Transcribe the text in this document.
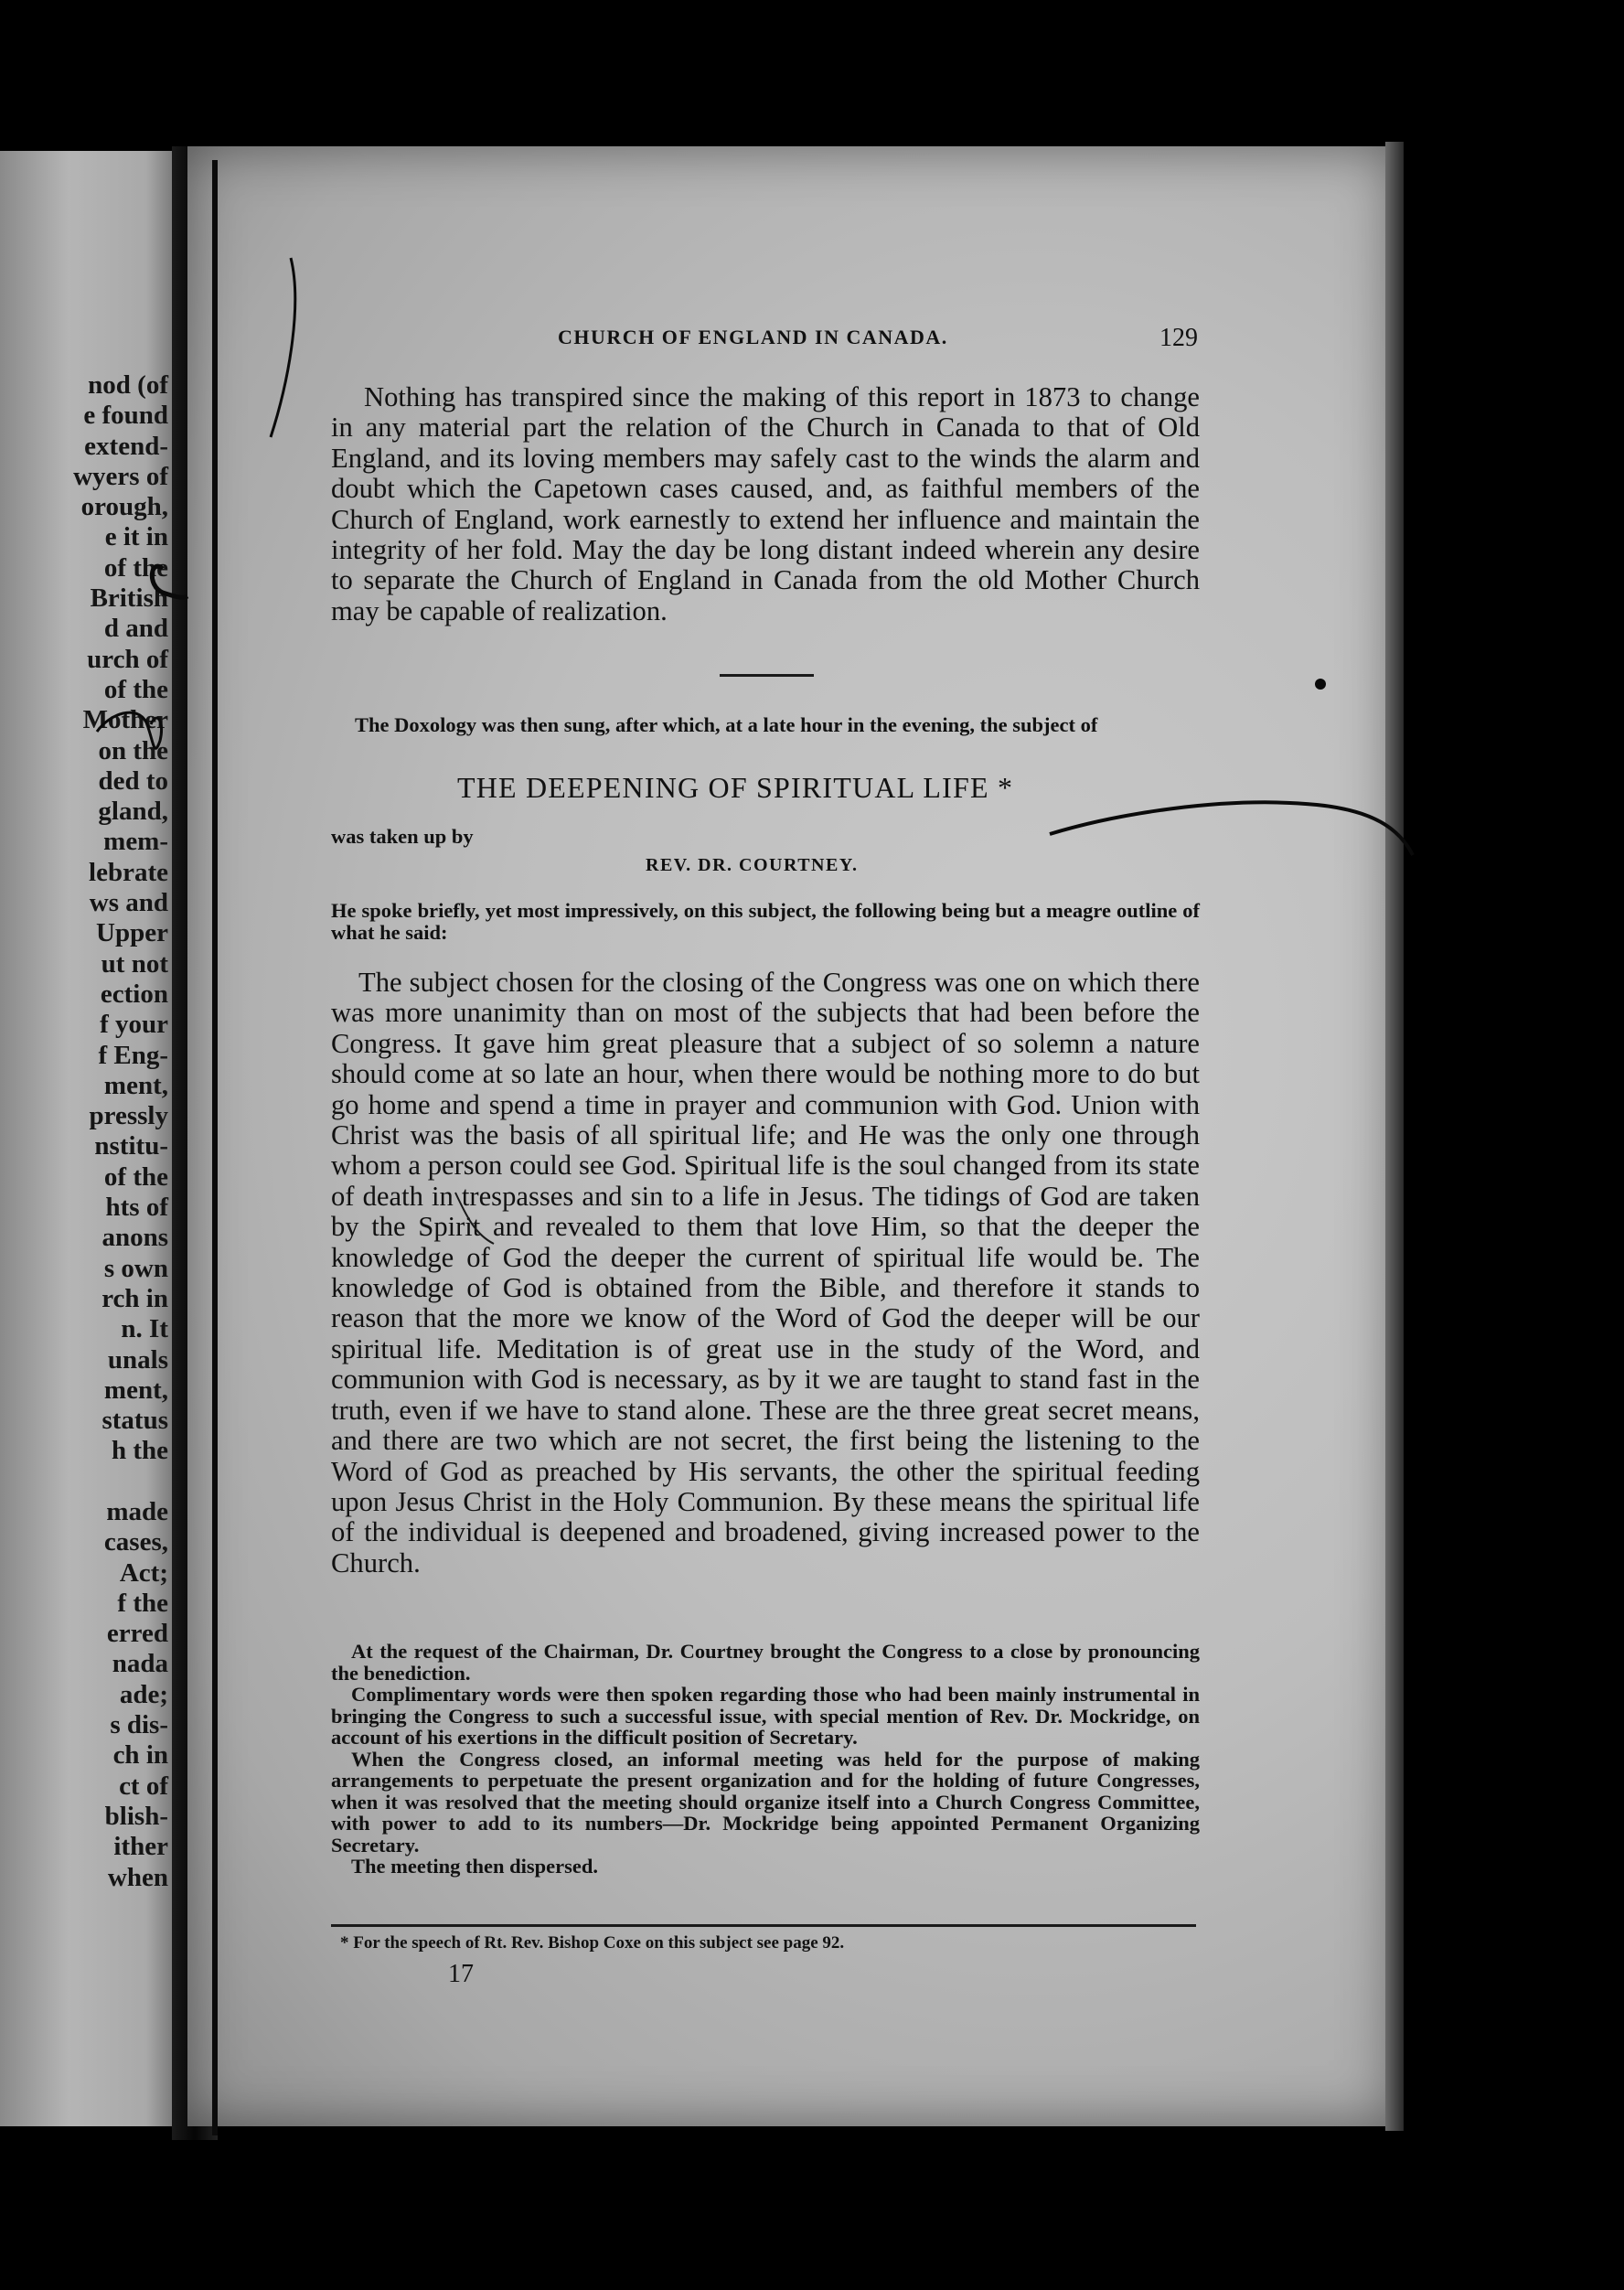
nod (of
e found
extend-
wyers of
orough,
e it in
of the
British
d and
urch of
of the
Mother
on the
ded to
gland,
mem-
lebrate
ws and
Upper
ut not
ection
f your
f Eng-
ment,
pressly
nstitu-
of the
hts of
anons
s own
rch in
n. It
unals
ment,
status
h the

made
cases,
Act;
f the
erred
nada
ade;
s dis-
ch in
ct of
blish-
ither
when
CHURCH OF ENGLAND IN CANADA.	129

Nothing has transpired since the making of this report in 1873 to change in any material part the relation of the Church in Canada to that of Old England, and its loving members may safely cast to the winds the alarm and doubt which the Capetown cases caused, and, as faithful members of the Church of England, work earnestly to extend her influence and maintain the integrity of her fold. May the day be long distant indeed wherein any desire to separate the Church of England in Canada from the old Mother Church may be capable of realization.

The Doxology was then sung, after which, at a late hour in the evening, the subject of
THE DEEPENING OF SPIRITUAL LIFE *
was taken up by
REV. DR. COURTNEY.
He spoke briefly, yet most impressively, on this subject, the following being but a meagre outline of what he said:

The subject chosen for the closing of the Congress was one on which there was more unanimity than on most of the subjects that had been before the Congress. It gave him great pleasure that a subject of so solemn a nature should come at so late an hour, when there would be nothing more to do but go home and spend a time in prayer and communion with God. Union with Christ was the basis of all spiritual life; and He was the only one through whom a person could see God. Spiritual life is the soul changed from its state of death in trespasses and sin to a life in Jesus. The tidings of God are taken by the Spirit and revealed to them that love Him, so that the deeper the knowledge of God the deeper the current of spiritual life would be. The knowledge of God is obtained from the Bible, and therefore it stands to reason that the more we know of the Word of God the deeper will be our spiritual life. Meditation is of great use in the study of the Word, and communion with God is necessary, as by it we are taught to stand fast in the truth, even if we have to stand alone. These are the three great secret means, and there are two which are not secret, the first being the listening to the Word of God as preached by His servants, the other the spiritual feeding upon Jesus Christ in the Holy Communion. By these means the spiritual life of the individual is deepened and broadened, giving increased power to the Church.

At the request of the Chairman, Dr. Courtney brought the Congress to a close by pronouncing the benediction.
Complimentary words were then spoken regarding those who had been mainly instrumental in bringing the Congress to such a successful issue, with special mention of Rev. Dr. Mockridge, on account of his exertions in the difficult position of Secretary.
When the Congress closed, an informal meeting was held for the purpose of making arrangements to perpetuate the present organization and for the holding of future Congresses, when it was resolved that the meeting should organize itself into a Church Congress Committee, with power to add to its numbers—Dr. Mockridge being appointed Permanent Organizing Secretary.
The meeting then dispersed.
* For the speech of Rt. Rev. Bishop Coxe on this subject see page 92.
17
